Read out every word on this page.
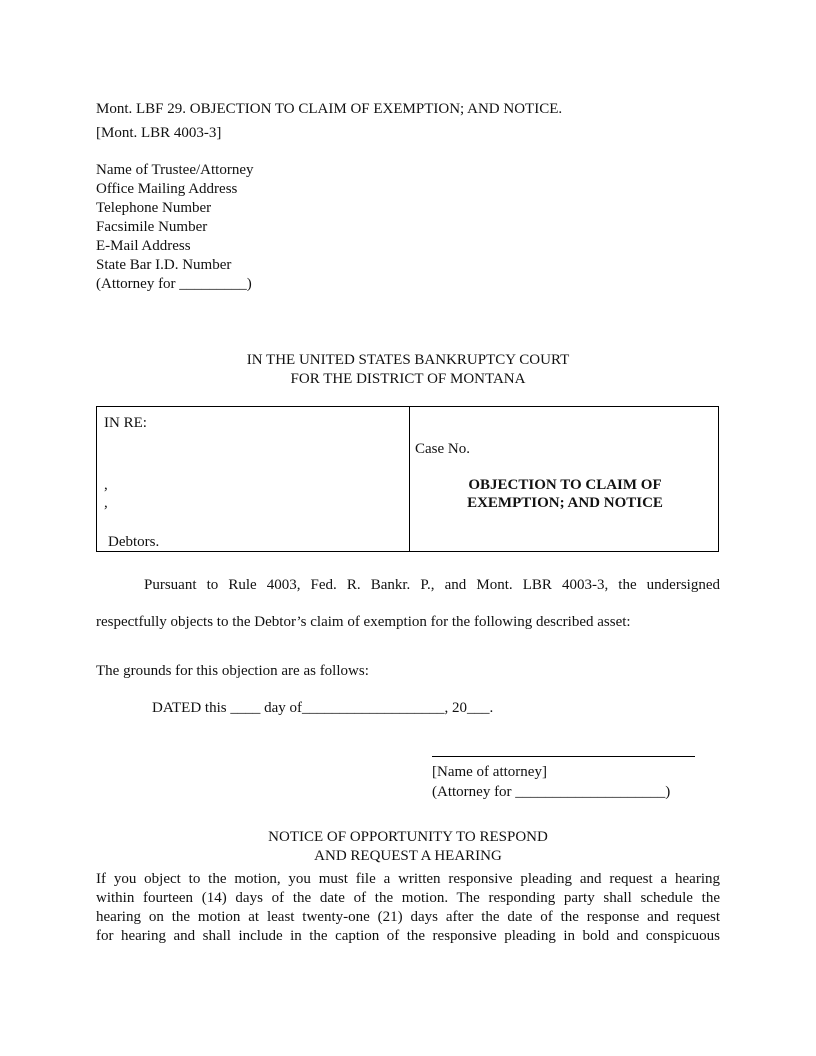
Mont. LBF 29. OBJECTION TO CLAIM OF EXEMPTION; AND NOTICE.
[Mont. LBR 4003-3]
Name of Trustee/Attorney
Office Mailing Address
Telephone Number
Facsimile Number
E-Mail Address
State Bar I.D. Number
(Attorney for _________)
IN THE UNITED STATES BANKRUPTCY COURT
FOR THE DISTRICT OF MONTANA
IN RE:
,
,
Debtors.
Case No.
OBJECTION TO CLAIM OF
EXEMPTION; AND NOTICE
Pursuant to Rule 4003, Fed. R. Bankr. P., and Mont. LBR 4003-3, the undersigned
respectfully objects to the Debtor’s claim of exemption for the following described asset:
The grounds for this objection are as follows:
DATED this ____ day of___________________, 20___.
[Name of attorney]
(Attorney for ____________________)
NOTICE OF OPPORTUNITY TO RESPOND
AND REQUEST A HEARING
If you object to the motion, you must file a written responsive pleading and request a hearing
within fourteen (14) days of the date of the motion. The responding party shall schedule the
hearing on the motion at least twenty-one (21) days after the date of the response and request
for hearing and shall include in the caption of the responsive pleading in bold and conspicuous
